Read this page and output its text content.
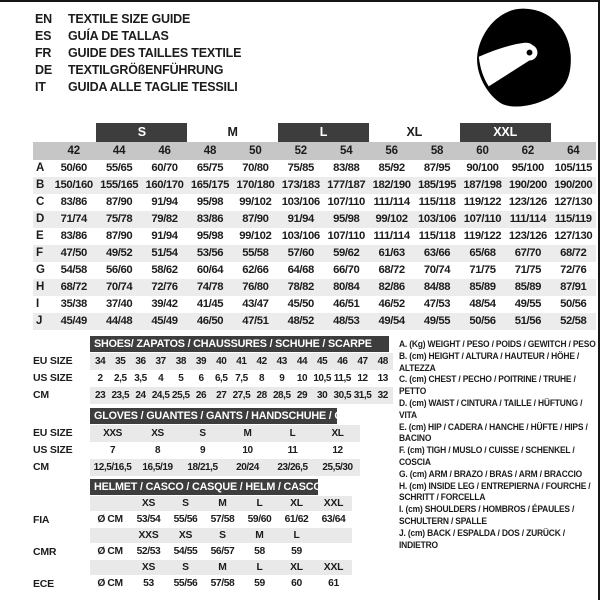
EN	TEXTILE SIZE GUIDE
ES	GUÍA DE TALLAS
FR	GUIDE DES TAILLES TEXTILE
DE	TEXTILGRÖßENFÜHRUNG
IT	GUIDA ALLE TAGLIE TESSILI
S	M	L	XL	XXL
42	44	46	48	50	52	54	56	58	60	62	64
A	50/60	55/65	60/70	65/75	70/80	75/85	83/88	85/92	87/95	90/100	95/100 105/115
B 150/160 155/165 160/170 165/175 170/180 173/183 177/187 182/190 185/195 187/198 190/200 190/200
C	83/86	87/90	91/94	95/98	99/102 103/106 107/110 111/114 115/118 119/122 123/126 127/130
D	71/74	75/78	79/82	83/86	87/90	91/94	95/98	99/102 103/106 107/110 111/114 115/119
E	83/86	87/90	91/94	95/98	99/102 103/106 107/110 111/114 115/118 119/122 123/126 127/130
F	47/50	49/52	51/54	53/56	55/58	57/60	59/62	61/63	63/66	65/68	67/70	68/72
G	54/58	56/60	58/62	60/64	62/66	64/68	66/70	68/72	70/74	71/75	71/75	72/76
H	68/72	70/74	72/76	74/78	76/80	78/82	80/84	82/86	84/88	85/89	85/89	87/91
I	35/38	37/40	39/42	41/45	43/47	45/50	46/51	46/52	47/53	48/54	49/55	50/56
J	45/49	44/48	45/49	46/50	47/51	48/52	48/53	49/54	49/55	50/56	51/56	52/58
SHOES/ ZAPATOS / CHAUSSURES / SCHUHE / SCARPE
EU SIZE	34 35 36 37 38 39 40 41 42 43 44 45 46 47 48
US SIZE	2	2,5 3,5	4	5	6	6,5 7,5	8	9	10 10,5 11,5 12 13
CM	23 23,5 24 24,5 25,5 26 27 27,5 28 28,5 29 30 30,5 31,5 32
GLOVES / GUANTES / GANTS / HANDSCHUHE / GUANTI
EU SIZE	XXS	XS	S	M	L	XL
US SIZE	7	8	9	10	11	12
CM	12,5/16,5	16,5/19	18/21,5	20/24	23/26,5	25,5/30
HELMET / CASCO / CASQUE / HELM / CASCO
XS	S	M	L	XL	XXL
FIA	Ø CM	53/54	55/56	57/58	59/60	61/62	63/64
XXS	XS	S	M	L
CMR	Ø CM	52/53	54/55	56/57	58	59
XS	S	M	L	XL	XXL
ECE	Ø CM	53	55/56	57/58	59	60	61
A. (Kg) WEIGHT / PESO / POIDS / GEWITCH / PESO
B. (cm) HEIGHT / ALTURA / HAUTEUR / HÖHE / ALTEZZA
C. (cm) CHEST / PECHO / POITRINE / TRUHE / PETTO
D. (cm) WAIST / CINTURA / TAILLE / HÜFTUNG / VITA
E. (cm) HIP / CADERA / HANCHE / HÜFTE / HIPS / BACINO
F. (cm) TIGH / MUSLO / CUISSE / SCHENKEL / COSCIA
G. (cm) ARM / BRAZO / BRAS / ARM / BRACCIO
H. (cm) INSIDE LEG / ENTREPIERNA / FOURCHE / SCHRITT / FORCELLA
I. (cm) SHOULDERS / HOMBROS / ÉPAULES / SCHULTERN / SPALLE
J. (cm) BACK / ESPALDA / DOS / ZURÜCK / INDIETRO
